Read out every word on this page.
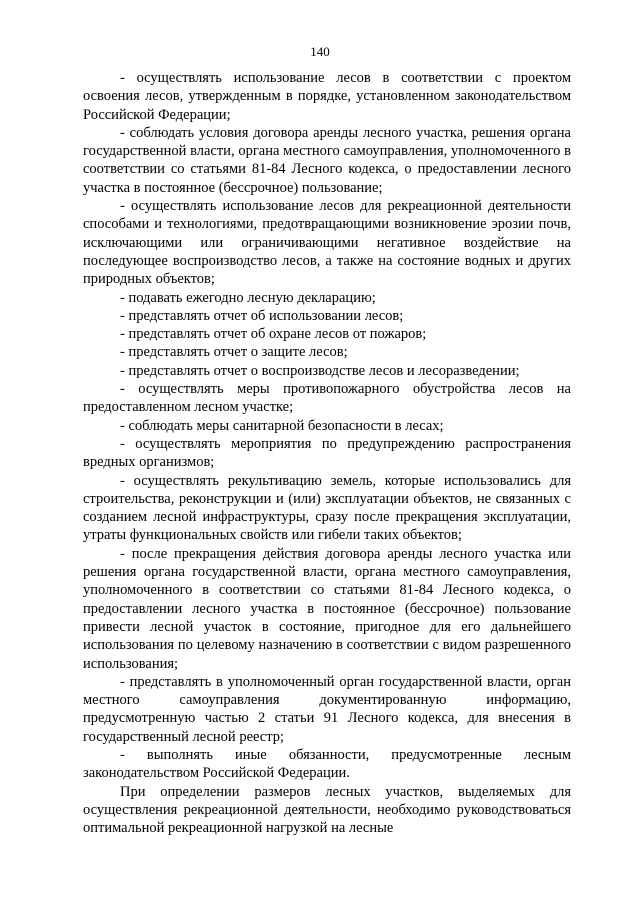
140

- осуществлять использование лесов в соответствии с проектом освоения лесов, утвержденным в порядке, установленном законодательством Российской Федерации;

- соблюдать условия договора аренды лесного участка, решения органа государственной власти, органа местного самоуправления, уполномоченного в соответствии со статьями 81-84 Лесного кодекса, о предоставлении лесного участка в постоянное (бессрочное) пользование;

- осуществлять использование лесов для рекреационной деятельности способами и технологиями, предотвращающими возникновение эрозии почв, исключающими или ограничивающими негативное воздействие на последующее воспроизводство лесов, а также на состояние водных и других природных объектов;

- подавать ежегодно лесную декларацию;

- представлять отчет об использовании лесов;

- представлять отчет об охране лесов от пожаров;

- представлять отчет о защите лесов;

- представлять отчет о воспроизводстве лесов и лесоразведении;

- осуществлять меры противопожарного обустройства лесов на предоставленном лесном участке;

- соблюдать меры санитарной безопасности в лесах;

- осуществлять мероприятия по предупреждению распространения вредных организмов;

- осуществлять рекультивацию земель, которые использовались для строительства, реконструкции и (или) эксплуатации объектов, не связанных с созданием лесной инфраструктуры, сразу после прекращения эксплуатации, утраты функциональных свойств или гибели таких объектов;

- после прекращения действия договора аренды лесного участка или решения органа государственной власти, органа местного самоуправления, уполномоченного в соответствии со статьями 81-84 Лесного кодекса, о предоставлении лесного участка в постоянное (бессрочное) пользование привести лесной участок в состояние, пригодное для его дальнейшего использования по целевому назначению в соответствии с видом разрешенного использования;

- представлять в уполномоченный орган государственной власти, орган местного самоуправления документированную информацию, предусмотренную частью 2 статьи 91 Лесного кодекса, для внесения в государственный лесной реестр;

- выполнять иные обязанности, предусмотренные лесным законодательством Российской Федерации.

При определении размеров лесных участков, выделяемых для осуществления рекреационной деятельности, необходимо руководствоваться оптимальной рекреационной нагрузкой на лесные
